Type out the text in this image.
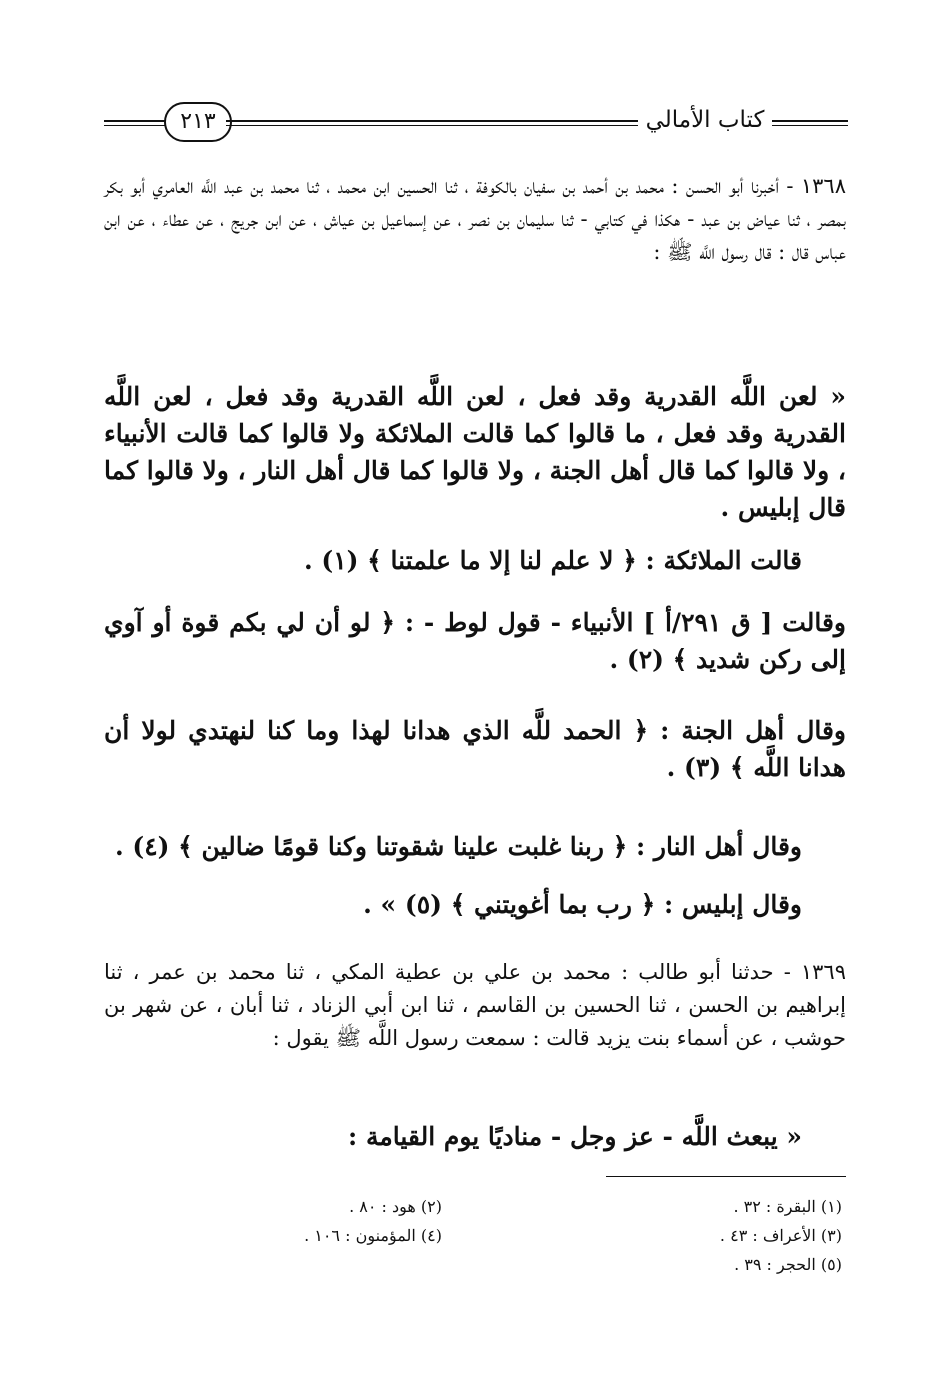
٢١٣	كتاب الأمالي
١٣٦٨ - أخبرنا أبو الحسن : محمد بن أحمد بن سفيان بالكوفة ، ثنا الحسين ابن محمد ، ثنا محمد بن عبد اللَّه العامري أبو بكر بمصر ، ثنا عياض بن عبد - هكذا في كتابي - ثنا سليمان بن نصر ، عن إسماعيل بن عياش ، عن ابن جريج ، عن عطاء ، عن ابن عباس قال : قال رسول اللَّه ﷺ :
« لعن اللَّه القدرية وقد فعل ، لعن اللَّه القدرية وقد فعل ، لعن اللَّه القدرية وقد فعل ، ما قالوا كما قالت الملائكة ولا قالوا كما قالت الأنبياء ، ولا قالوا كما قال أهل الجنة ، ولا قالوا كما قال أهل النار ، ولا قالوا كما قال إبليس .
قالت الملائكة : ﴿ لا علم لنا إلا ما علمتنا ﴾ (١) .
وقالت [ ق ٢٩١/أ ] الأنبياء - قول لوط - : ﴿ لو أن لي بكم قوة أو آوي إلى ركن شديد ﴾ (٢) .
وقال أهل الجنة : ﴿ الحمد للَّه الذي هدانا لهذا وما كنا لنهتدي لولا أن هدانا اللَّه ﴾ (٣) .
وقال أهل النار : ﴿ ربنا غلبت علينا شقوتنا وكنا قومًا ضالين ﴾ (٤) .
وقال إبليس : ﴿ رب بما أغويتني ﴾ (٥) » .
١٣٦٩ - حدثنا أبو طالب : محمد بن علي بن عطية المكي ، ثنا محمد بن عمر ، ثنا إبراهيم بن الحسن ، ثنا الحسين بن القاسم ، ثنا ابن أبي الزناد ، ثنا أبان ، عن شهر بن حوشب ، عن أسماء بنت يزيد قالت : سمعت رسول اللَّه ﷺ يقول :
« يبعث اللَّه - عز وجل - مناديًا يوم القيامة :
(١) البقرة : ٣٢ .
(٢) هود : ٨٠ .
(٣) الأعراف : ٤٣ .
(٤) المؤمنون : ١٠٦ .
(٥) الحجر : ٣٩ .
